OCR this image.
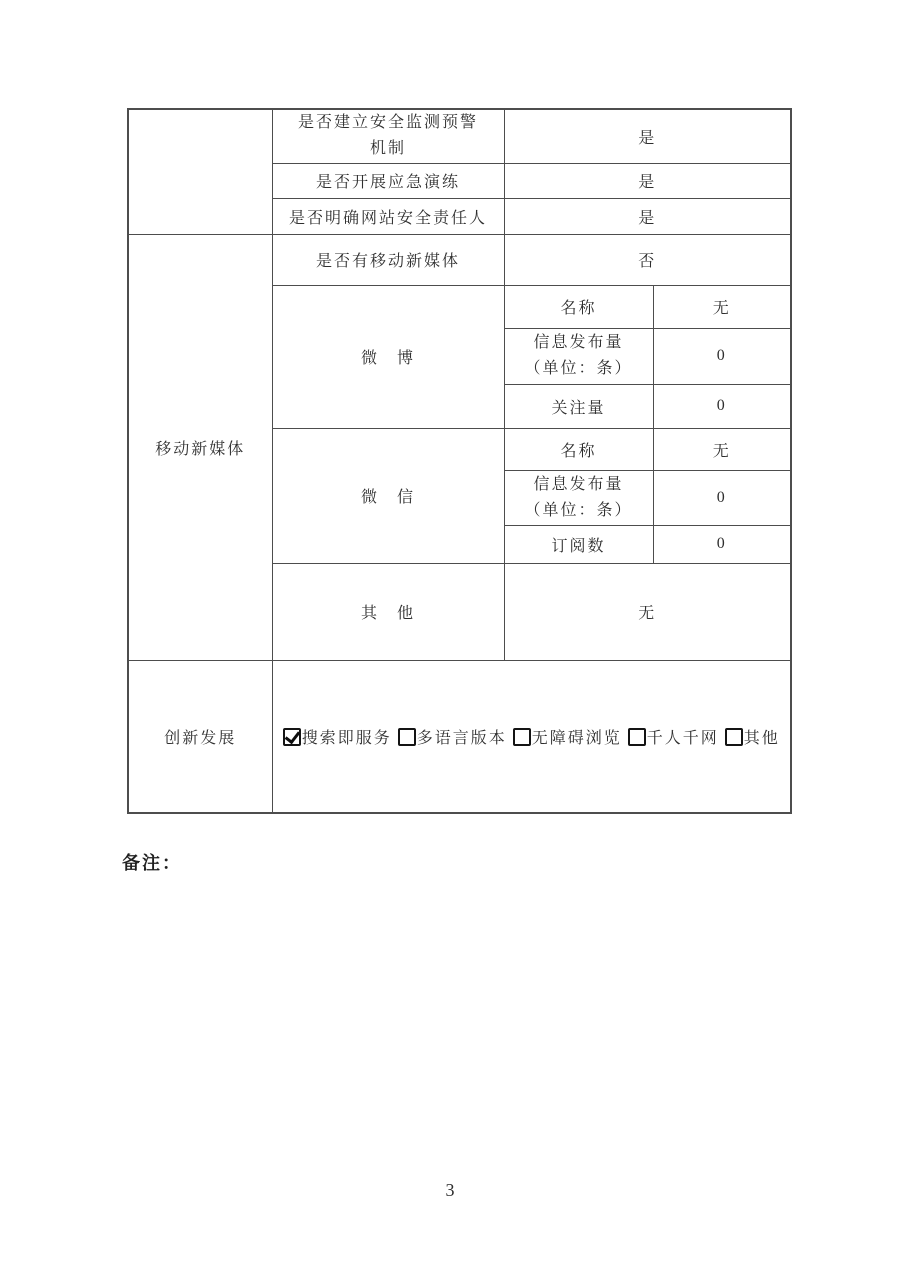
	是否建立安全监测预警
机制	是	
	是否开展应急演练	是	
	是否明确网站安全责任人	是	
移动新媒体	是否有移动新媒体	否	
	微　博	名称	无

		信息发布量
（单位：条）	0
		关注量	0
	微　信	名称	无

		信息发布量
（单位：条）	0
		订阅数	0
	其　他	无	
创新发展	搜索即服务 多语言版本 无障碍浏览 千人千网 其他		
备注：
3
